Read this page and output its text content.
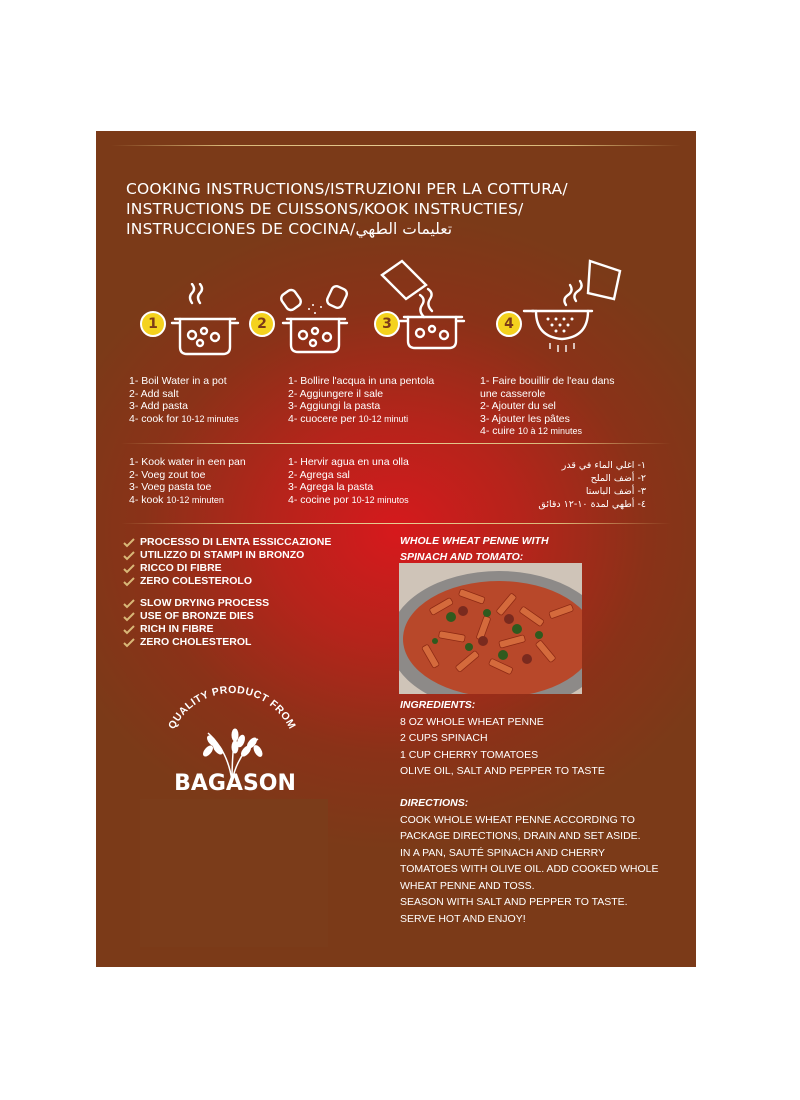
COOKING INSTRUCTIONS/ISTRUZIONI PER LA COTTURA/
INSTRUCTIONS DE CUISSONS/KOOK INSTRUCTIES/
INSTRUCCIONES DE COCINA/تعليمات الطهي
1	2	3	4
1- Boil Water in a pot
2- Add salt
3- Add pasta
4- cook for 10-12 minutes
1- Bollire l'acqua in una pentola
2- Aggiungere il sale
3- Aggiungi la pasta
4- cuocere per 10-12 minuti
1- Faire bouillir de l'eau dans
une casserole
2- Ajouter du sel
3- Ajouter les pâtes
4- cuire 10 à 12 minutes
1- Kook water in een pan
2- Voeg zout toe
3- Voeg pasta toe
4- kook 10-12 minuten
1- Hervir agua en una olla
2- Agrega sal
3- Agrega la pasta
4- cocine por 10-12 minutos
١- اغلي الماء في قدر
٢- أضف الملح
٣- أضف الباستا
٤- أطهي لمدة ١٠-١٢ دقائق
PROCESSO DI LENTA ESSICCAZIONE
UTILIZZO DI STAMPI IN BRONZO
RICCO DI FIBRE
ZERO COLESTEROLO
SLOW DRYING PROCESS
USE OF BRONZE DIES
RICH IN FIBRE
ZERO CHOLESTEROL
QUALITY PRODUCT FROM
BAGASON
WHOLE WHEAT PENNE WITH
SPINACH AND TOMATO:
INGREDIENTS:
8 OZ WHOLE WHEAT PENNE
2 CUPS SPINACH
1 CUP CHERRY TOMATOES
OLIVE OIL, SALT AND PEPPER TO TASTE
DIRECTIONS:
COOK WHOLE WHEAT PENNE ACCORDING TO
PACKAGE DIRECTIONS, DRAIN AND SET ASIDE.
IN A PAN, SAUTÉ SPINACH AND CHERRY
TOMATOES WITH OLIVE OIL. ADD COOKED WHOLE
WHEAT PENNE AND TOSS.
SEASON WITH SALT AND PEPPER TO TASTE.
SERVE HOT AND ENJOY!
